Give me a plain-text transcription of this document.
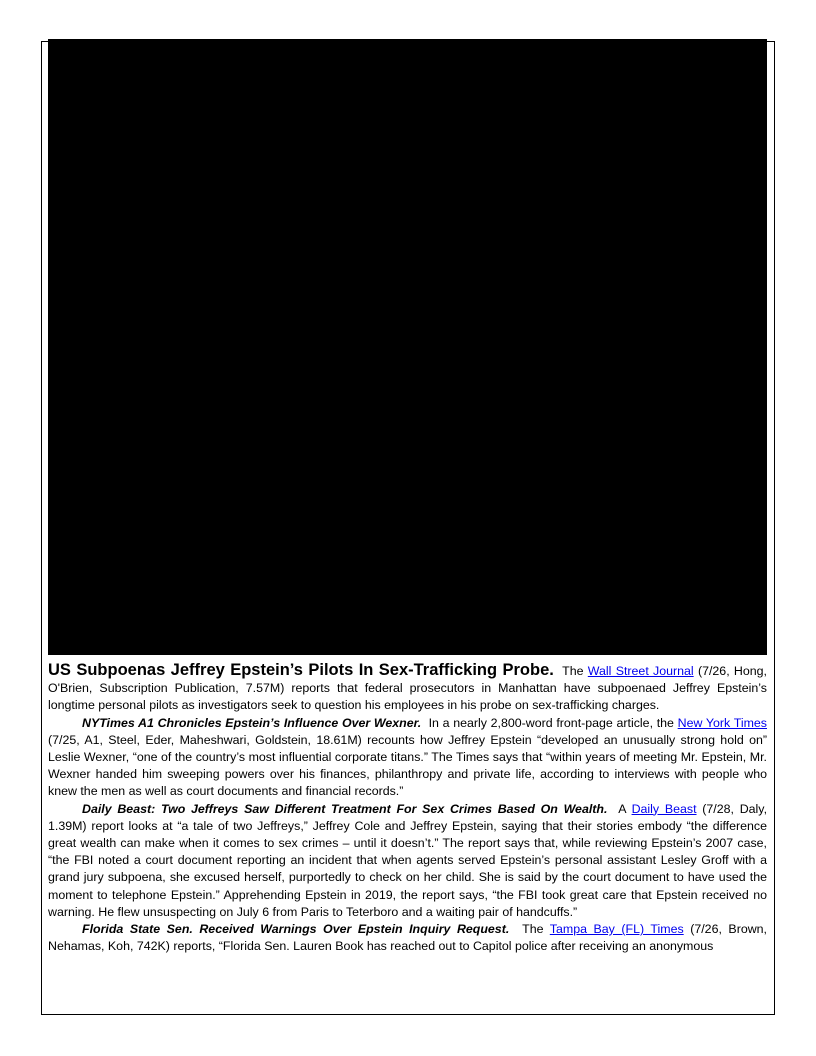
US Subpoenas Jeffrey Epstein’s Pilots In Sex-Trafficking Probe. The Wall Street Journal (7/26, Hong, O'Brien, Subscription Publication, 7.57M) reports that federal prosecutors in Manhattan have subpoenaed Jeffrey Epstein’s longtime personal pilots as investigators seek to question his employees in his probe on sex-trafficking charges.

NYTimes A1 Chronicles Epstein’s Influence Over Wexner. In a nearly 2,800-word front-page article, the New York Times (7/25, A1, Steel, Eder, Maheshwari, Goldstein, 18.61M) recounts how Jeffrey Epstein “developed an unusually strong hold on” Leslie Wexner, “one of the country’s most influential corporate titans.” The Times says that “within years of meeting Mr. Epstein, Mr. Wexner handed him sweeping powers over his finances, philanthropy and private life, according to interviews with people who knew the men as well as court documents and financial records.”

Daily Beast: Two Jeffreys Saw Different Treatment For Sex Crimes Based On Wealth. A Daily Beast (7/28, Daly, 1.39M) report looks at “a tale of two Jeffreys,” Jeffrey Cole and Jeffrey Epstein, saying that their stories embody “the difference great wealth can make when it comes to sex crimes – until it doesn’t.” The report says that, while reviewing Epstein’s 2007 case, “the FBI noted a court document reporting an incident that when agents served Epstein’s personal assistant Lesley Groff with a grand jury subpoena, she excused herself, purportedly to check on her child. She is said by the court document to have used the moment to telephone Epstein.” Apprehending Epstein in 2019, the report says, “the FBI took great care that Epstein received no warning. He flew unsuspecting on July 6 from Paris to Teterboro and a waiting pair of handcuffs.”

Florida State Sen. Received Warnings Over Epstein Inquiry Request. The Tampa Bay (FL) Times (7/26, Brown, Nehamas, Koh, 742K) reports, “Florida Sen. Lauren Book has reached out to Capitol police after receiving an anonymous
